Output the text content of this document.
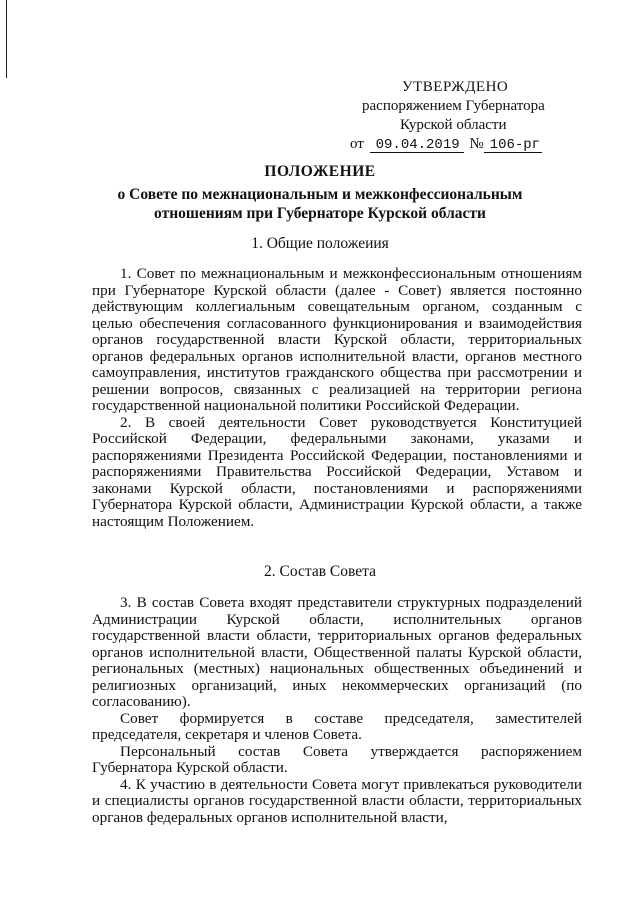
УТВЕРЖДЕНО
распоряжением Губернатора
Курской области
от 09.04.2019 № 106-рг
ПОЛОЖЕНИЕ
о Совете по межнациональным и межконфессиональным
отношениям при Губернаторе Курской области
1. Общие положеиия

1. Совет по межнациональным и межконфессиональным отношениям при Губернаторе Курской области (далее - Совет) является постоянно действующим коллегиальным совещательным органом, созданным с целью обеспечения согласованного функционирования и взаимодействия органов государственной власти Курской области, территориальных органов федеральных органов исполнительной власти, органов местного самоуправления, институтов гражданского общества при рассмотрении и решении вопросов, связанных с реализацией на территории региона государственной национальной политики Российской Федерации.

2. В своей деятельности Совет руководствуется Конституцией Российской Федерации, федеральными законами, указами и распоряжениями Президента Российской Федерации, постановлениями и распоряжениями Правительства Российской Федерации, Уставом и законами Курской области, постановлениями и распоряжениями Губернатора Курской области, Администрации Курской области, а также настоящим Положением.

2. Состав Совета

3. В состав Совета входят представители структурных подразделений Администрации Курской области, исполнительных органов государственной власти области, территориальных органов федеральных органов исполнительной власти, Общественной палаты Курской области, региональных (местных) национальных общественных объединений и религиозных организаций, иных некоммерческих организаций (по согласованию).

Совет формируется в составе председателя, заместителей председателя, секретаря и членов Совета.

Персональный состав Совета утверждается распоряжением Губернатора Курской области.

4. К участию в деятельности Совета могут привлекаться руководители и специалисты органов государственной власти области, территориальных органов федеральных органов исполнительной власти,
